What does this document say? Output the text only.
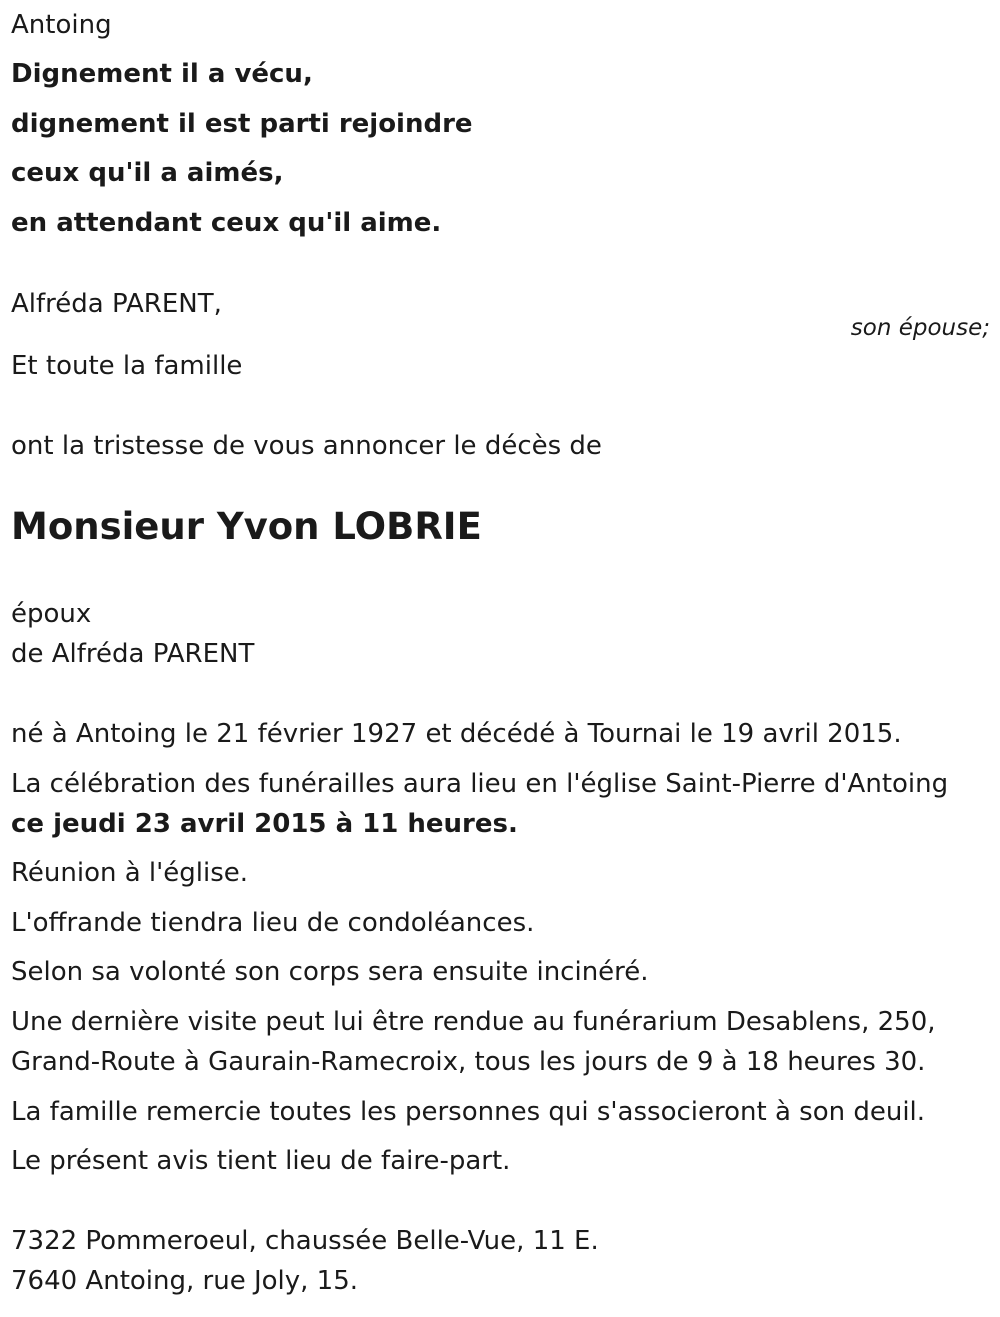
Antoing
Dignement il a vécu,
dignement il est parti rejoindre
ceux qu'il a aimés,
en attendant ceux qu'il aime.
Alfréda PARENT,
son épouse;
Et toute la famille
ont la tristesse de vous annoncer le décès de
Monsieur Yvon LOBRIE
époux
de Alfréda PARENT
né à Antoing le 21 février 1927 et décédé à Tournai le 19 avril 2015.
La célébration des funérailles aura lieu en l'église Saint-Pierre d'Antoing
ce jeudi 23 avril 2015 à 11 heures.
Réunion à l'église.
L'offrande tiendra lieu de condoléances.
Selon sa volonté son corps sera ensuite incinéré.
Une dernière visite peut lui être rendue au funérarium Desablens, 250,
Grand-Route à Gaurain-Ramecroix, tous les jours de 9 à 18 heures 30.
La famille remercie toutes les personnes qui s'associeront à son deuil.
Le présent avis tient lieu de faire-part.
7322 Pommeroeul, chaussée Belle-Vue, 11 E.
7640 Antoing, rue Joly, 15.
